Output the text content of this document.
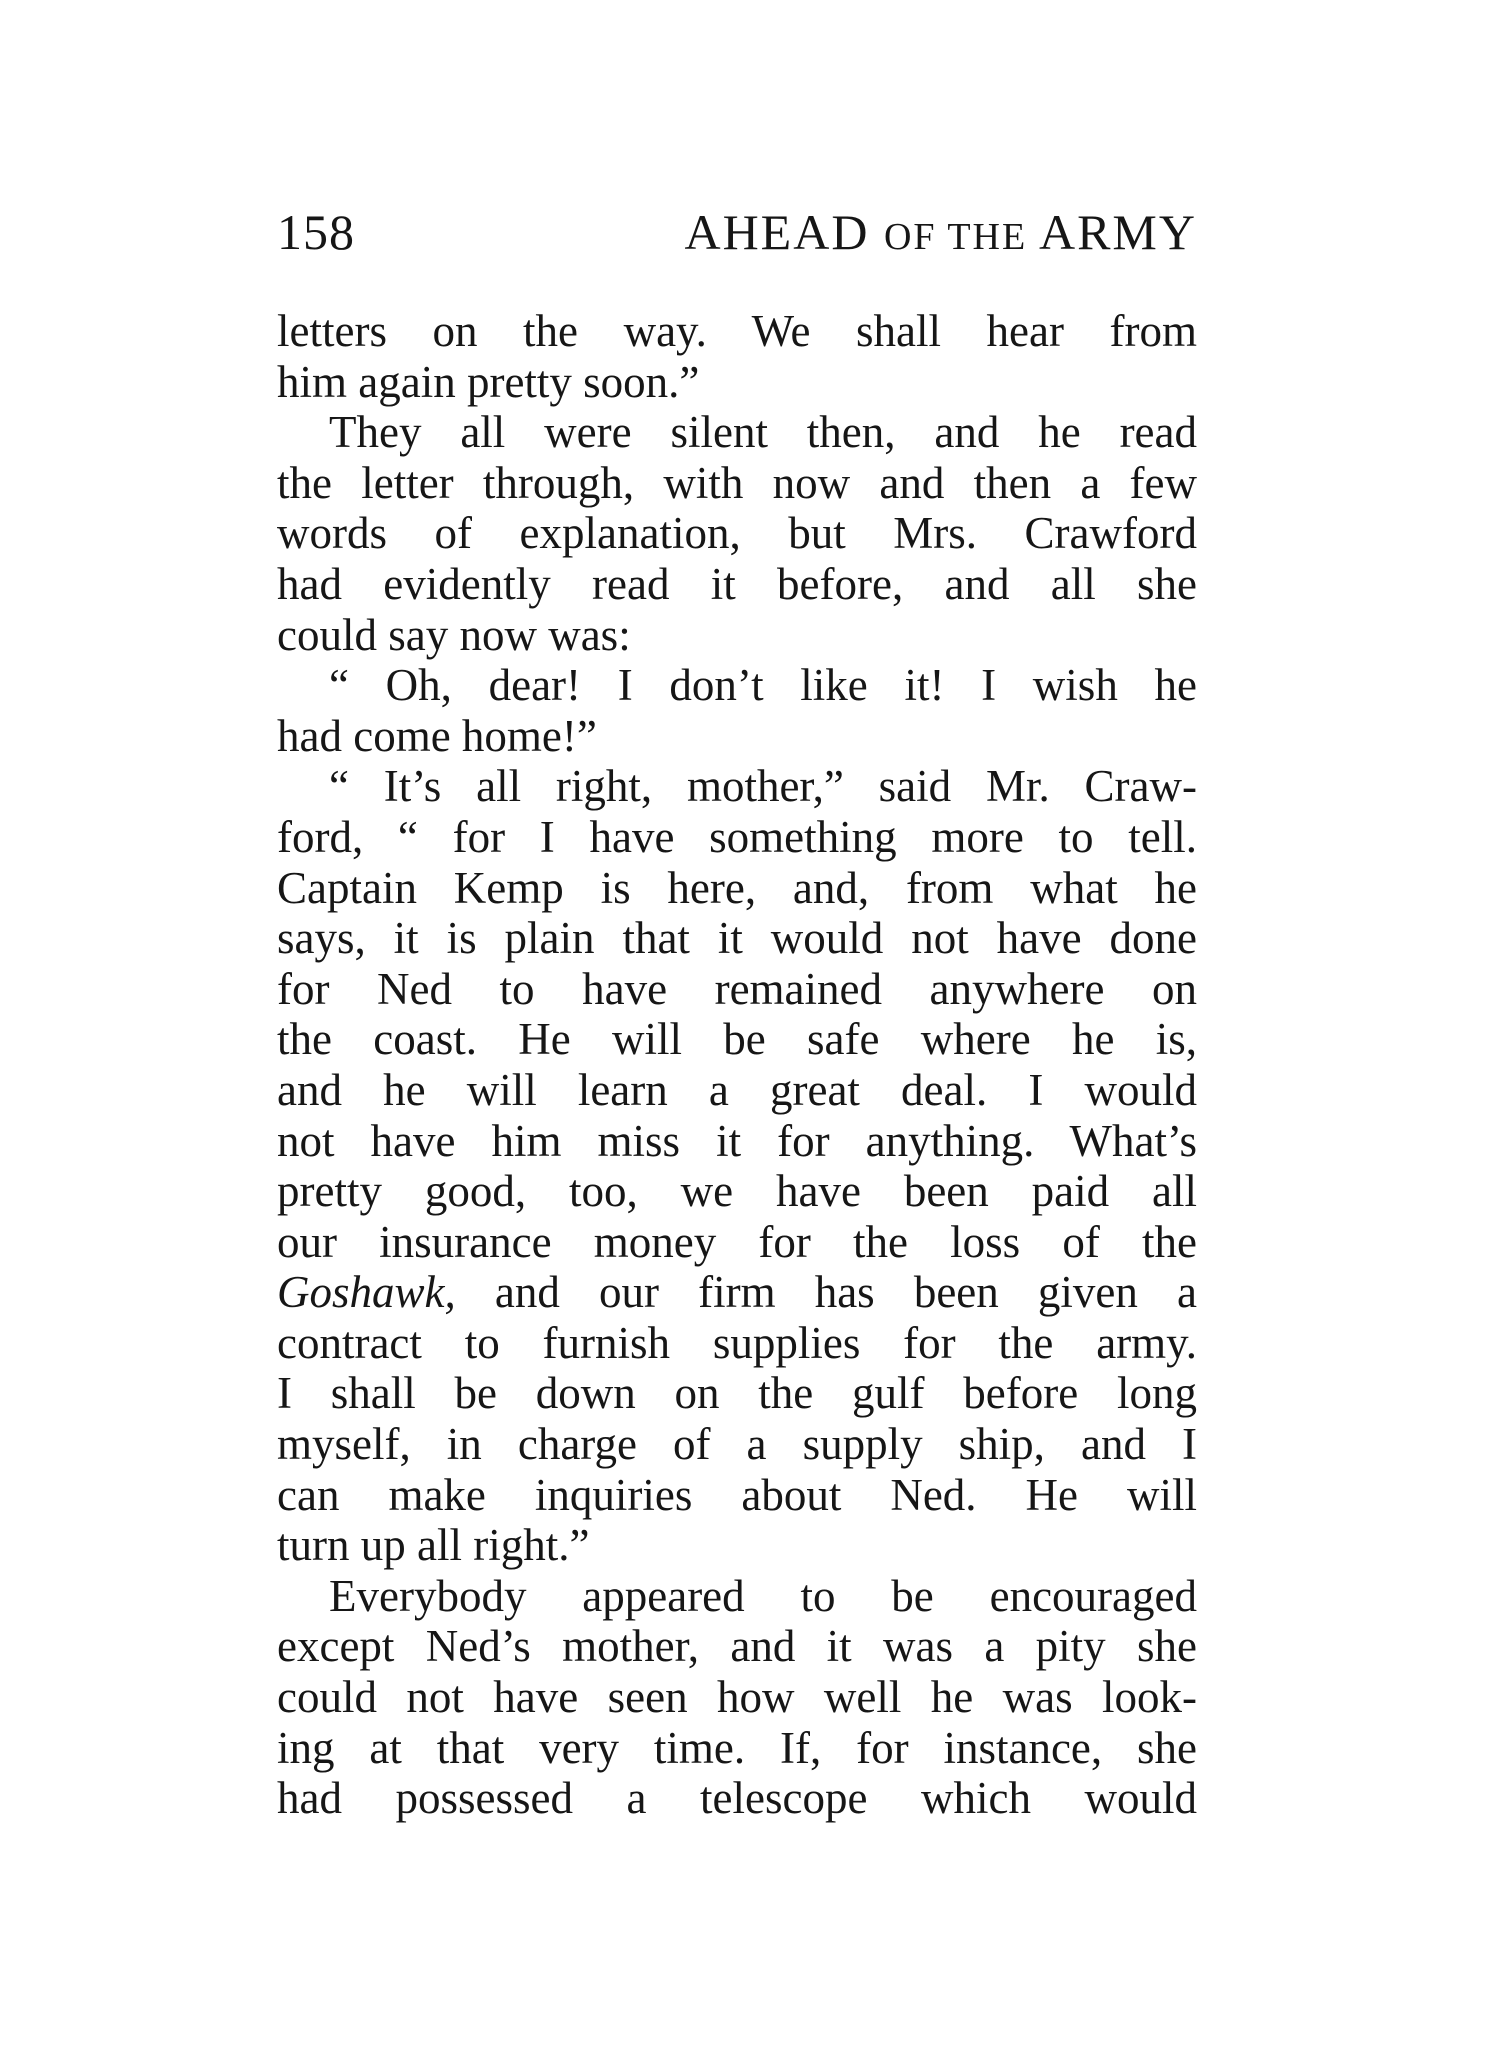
158	AHEAD OF THE ARMY
letters on the way. We shall hear from
him again pretty soon.”
They all were silent then, and he read
the letter through, with now and then a few
words of explanation, but Mrs. Crawford
had evidently read it before, and all she
could say now was:
“ Oh, dear! I don’t like it! I wish he
had come home!”
“ It’s all right, mother,” said Mr. Craw-
ford, “ for I have something more to tell.
Captain Kemp is here, and, from what he
says, it is plain that it would not have done
for Ned to have remained anywhere on
the coast. He will be safe where he is,
and he will learn a great deal. I would
not have him miss it for anything. What’s
pretty good, too, we have been paid all
our insurance money for the loss of the
Goshawk, and our firm has been given a
contract to furnish supplies for the army.
I shall be down on the gulf before long
myself, in charge of a supply ship, and I
can make inquiries about Ned. He will
turn up all right.”
Everybody appeared to be encouraged
except Ned’s mother, and it was a pity she
could not have seen how well he was look-
ing at that very time. If, for instance, she
had possessed a telescope which would
